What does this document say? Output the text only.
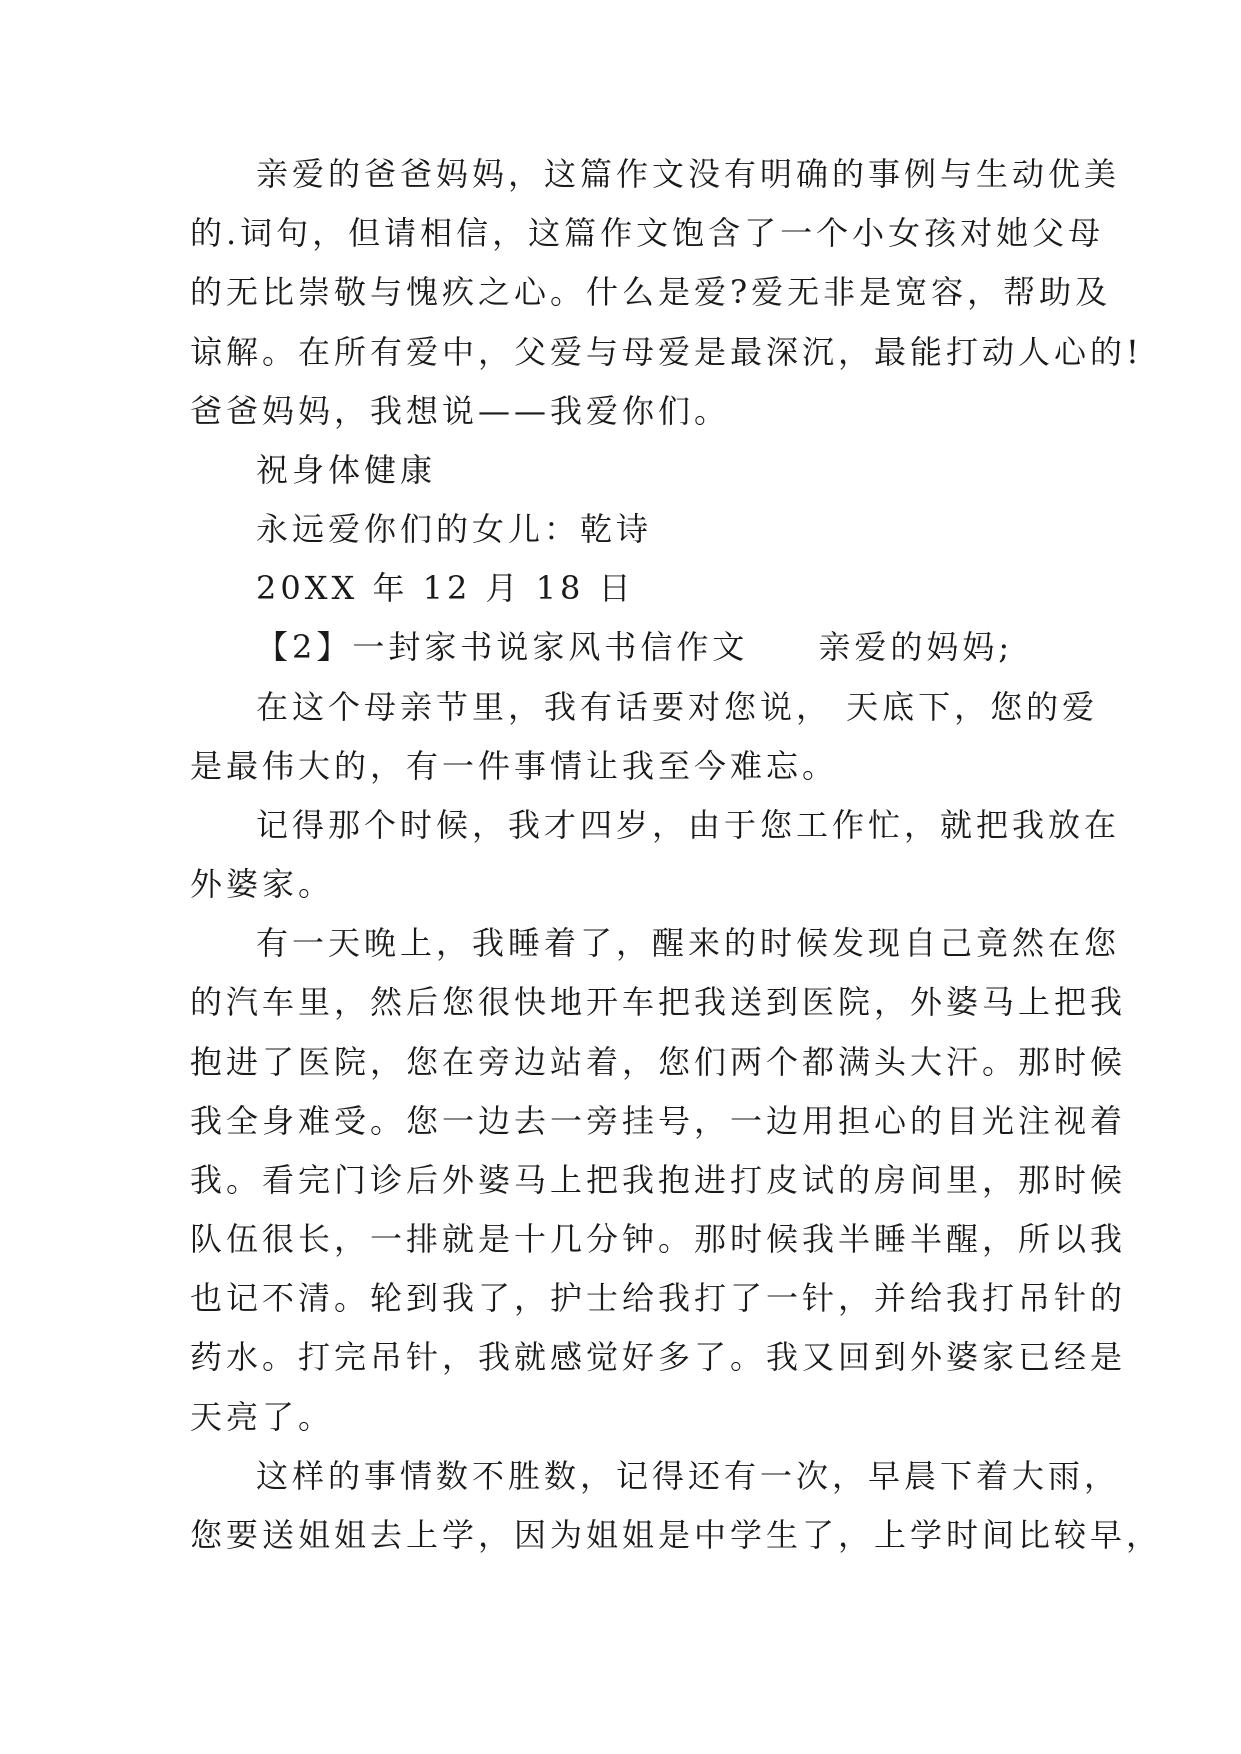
亲爱的爸爸妈妈，这篇作文没有明确的事例与生动优美
的.词句，但请相信，这篇作文饱含了一个小女孩对她父母
的无比崇敬与愧疚之心。什么是爱?爱无非是宽容，帮助及
谅解。在所有爱中，父爱与母爱是最深沉，最能打动人心的!
爸爸妈妈，我想说——我爱你们。
祝身体健康
永远爱你们的女儿：乾诗
20XX 年 12 月 18 日
【2】一封家书说家风书信作文 亲爱的妈妈;
在这个母亲节里，我有话要对您说， 天底下，您的爱
是最伟大的，有一件事情让我至今难忘。
记得那个时候，我才四岁，由于您工作忙，就把我放在
外婆家。
有一天晚上，我睡着了，醒来的时候发现自己竟然在您
的汽车里，然后您很快地开车把我送到医院，外婆马上把我
抱进了医院，您在旁边站着，您们两个都满头大汗。那时候
我全身难受。您一边去一旁挂号，一边用担心的目光注视着
我。看完门诊后外婆马上把我抱进打皮试的房间里，那时候
队伍很长，一排就是十几分钟。那时候我半睡半醒，所以我
也记不清。轮到我了，护士给我打了一针，并给我打吊针的
药水。打完吊针，我就感觉好多了。我又回到外婆家已经是
天亮了。
这样的事情数不胜数，记得还有一次，早晨下着大雨，
您要送姐姐去上学，因为姐姐是中学生了，上学时间比较早，
